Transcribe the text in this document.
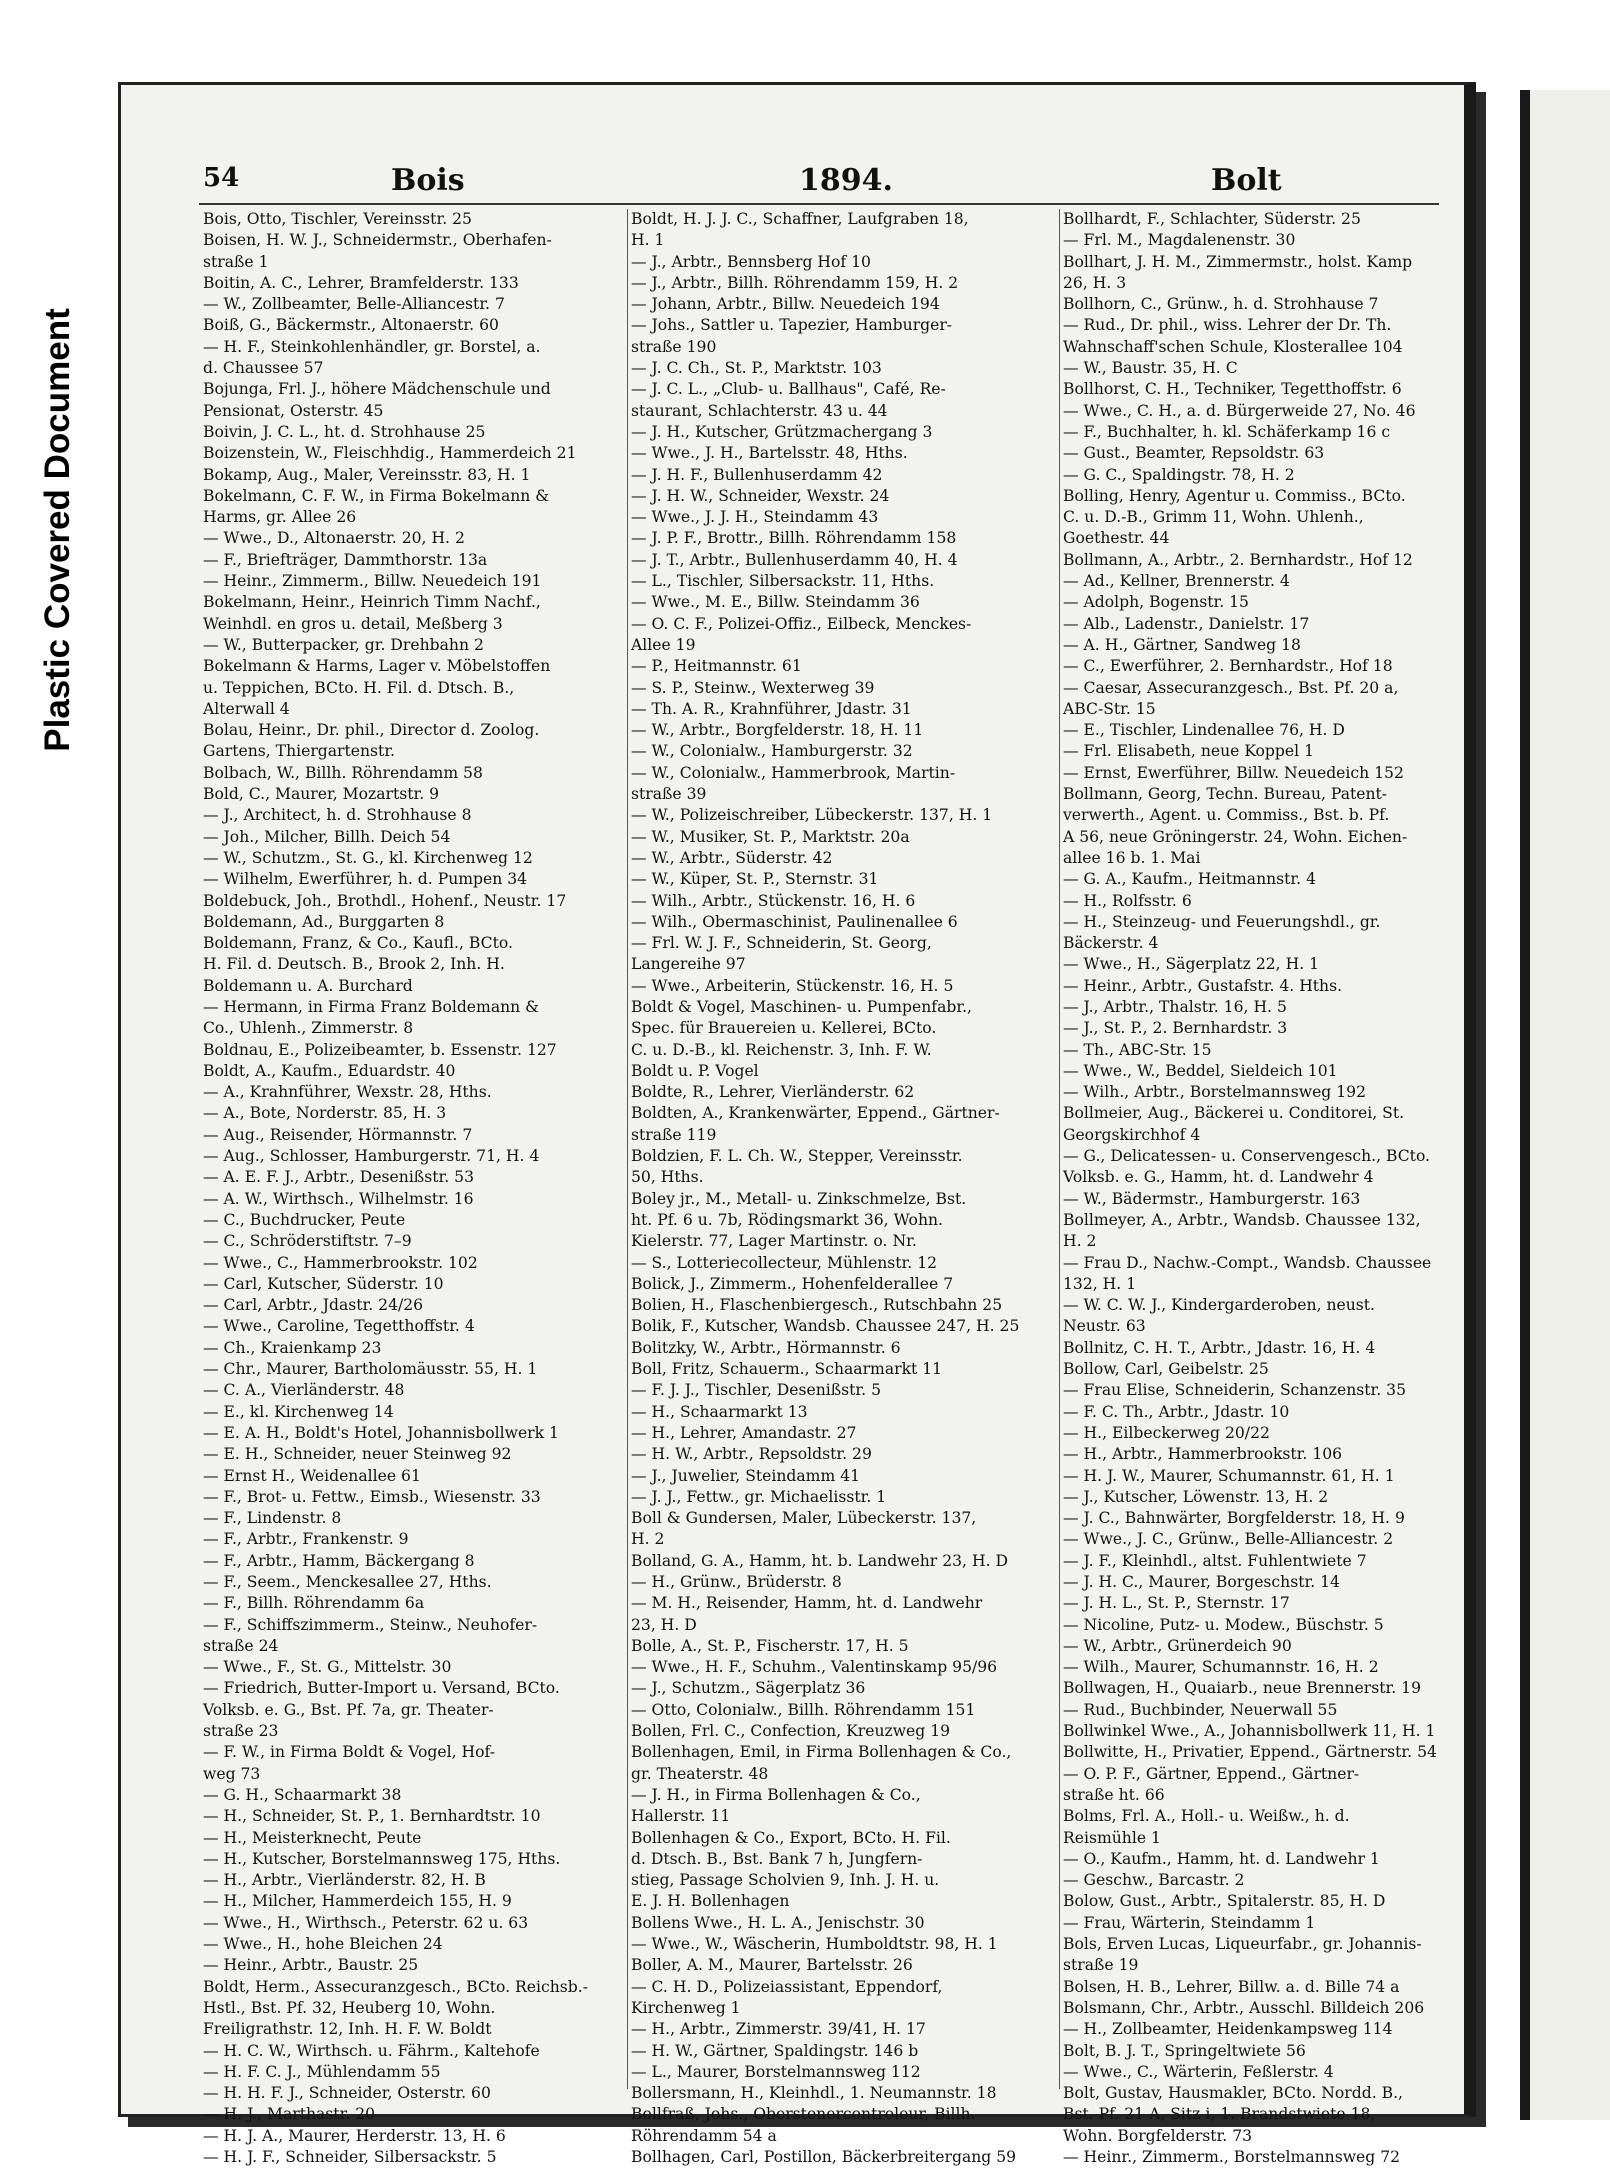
Plastic Covered Document
54	Bois	1894.	Bolt
Bois, Otto, Tischler, Vereinsstr. 25
Boisen, H. W. J., Schneidermstr., Oberhafen-
straße 1
Boitin, A. C., Lehrer, Bramfelderstr. 133
— W., Zollbeamter, Belle-Alliancestr. 7
Boiß, G., Bäckermstr., Altonaerstr. 60
— H. F., Steinkohlenhändler, gr. Borstel, a.
d. Chaussee 57
Bojunga, Frl. J., höhere Mädchenschule und
Pensionat, Osterstr. 45
Boivin, J. C. L., ht. d. Strohhause 25
Boizenstein, W., Fleischhdig., Hammerdeich 21
Bokamp, Aug., Maler, Vereinsstr. 83, H. 1
Bokelmann, C. F. W., in Firma Bokelmann &
Harms, gr. Allee 26
— Wwe., D., Altonaerstr. 20, H. 2
— F., Briefträger, Dammthorstr. 13a
— Heinr., Zimmerm., Billw. Neuedeich 191
Bokelmann, Heinr., Heinrich Timm Nachf.,
Weinhdl. en gros u. detail, Meßberg 3
— W., Butterpacker, gr. Drehbahn 2
Bokelmann & Harms, Lager v. Möbelstoffen
u. Teppichen, BCto. H. Fil. d. Dtsch. B.,
Alterwall 4
Bolau, Heinr., Dr. phil., Director d. Zoolog.
Gartens, Thiergartenstr.
Bolbach, W., Billh. Röhrendamm 58
Bold, C., Maurer, Mozartstr. 9
— J., Architect, h. d. Strohhause 8
— Joh., Milcher, Billh. Deich 54
— W., Schutzm., St. G., kl. Kirchenweg 12
— Wilhelm, Ewerführer, h. d. Pumpen 34
Boldebuck, Joh., Brothdl., Hohenf., Neustr. 17
Boldemann, Ad., Burggarten 8
Boldemann, Franz, & Co., Kaufl., BCto.
H. Fil. d. Deutsch. B., Brook 2, Inh. H.
Boldemann u. A. Burchard
— Hermann, in Firma Franz Boldemann &
Co., Uhlenh., Zimmerstr. 8
Boldnau, E., Polizeibeamter, b. Essenstr. 127
Boldt, A., Kaufm., Eduardstr. 40
— A., Krahnführer, Wexstr. 28, Hths.
— A., Bote, Norderstr. 85, H. 3
— Aug., Reisender, Hörmannstr. 7
— Aug., Schlosser, Hamburgerstr. 71, H. 4
— A. E. F. J., Arbtr., Desenißstr. 53
— A. W., Wirthsch., Wilhelmstr. 16
— C., Buchdrucker, Peute
— C., Schröderstiftstr. 7–9
— Wwe., C., Hammerbrookstr. 102
— Carl, Kutscher, Süderstr. 10
— Carl, Arbtr., Jdastr. 24/26
— Wwe., Caroline, Tegetthoffstr. 4
— Ch., Kraienkamp 23
— Chr., Maurer, Bartholomäusstr. 55, H. 1
— C. A., Vierländerstr. 48
— E., kl. Kirchenweg 14
— E. A. H., Boldt's Hotel, Johannisbollwerk 1
— E. H., Schneider, neuer Steinweg 92
— Ernst H., Weidenallee 61
— F., Brot- u. Fettw., Eimsb., Wiesenstr. 33
— F., Lindenstr. 8
— F., Arbtr., Frankenstr. 9
— F., Arbtr., Hamm, Bäckergang 8
— F., Seem., Menckesallee 27, Hths.
— F., Billh. Röhrendamm 6a
— F., Schiffszimmerm., Steinw., Neuhofer-
straße 24
— Wwe., F., St. G., Mittelstr. 30
— Friedrich, Butter-Import u. Versand, BCto.
Volksb. e. G., Bst. Pf. 7a, gr. Theater-
straße 23
— F. W., in Firma Boldt & Vogel, Hof-
weg 73
— G. H., Schaarmarkt 38
— H., Schneider, St. P., 1. Bernhardtstr. 10
— H., Meisterknecht, Peute
— H., Kutscher, Borstelmannsweg 175, Hths.
— H., Arbtr., Vierländerstr. 82, H. B
— H., Milcher, Hammerdeich 155, H. 9
— Wwe., H., Wirthsch., Peterstr. 62 u. 63
— Wwe., H., hohe Bleichen 24
— Heinr., Arbtr., Baustr. 25
Boldt, Herm., Assecuranzgesch., BCto. Reichsb.-
Hstl., Bst. Pf. 32, Heuberg 10, Wohn.
Freiligrathstr. 12, Inh. H. F. W. Boldt
— H. C. W., Wirthsch. u. Fährm., Kaltehofe
— H. F. C. J., Mühlendamm 55
— H. H. F. J., Schneider, Osterstr. 60
— H. J., Marthastr. 20
— H. J. A., Maurer, Herderstr. 13, H. 6
— H. J. F., Schneider, Silbersackstr. 5
Boldt, H. J. J. C., Schaffner, Laufgraben 18,
H. 1
— J., Arbtr., Bennsberg Hof 10
— J., Arbtr., Billh. Röhrendamm 159, H. 2
— Johann, Arbtr., Billw. Neuedeich 194
— Johs., Sattler u. Tapezier, Hamburger-
straße 190
— J. C. Ch., St. P., Marktstr. 103
— J. C. L., „Club- u. Ballhaus", Café, Re-
staurant, Schlachterstr. 43 u. 44
— J. H., Kutscher, Grützmachergang 3
— Wwe., J. H., Bartelsstr. 48, Hths.
— J. H. F., Bullenhuserdamm 42
— J. H. W., Schneider, Wexstr. 24
— Wwe., J. J. H., Steindamm 43
— J. P. F., Brottr., Billh. Röhrendamm 158
— J. T., Arbtr., Bullenhuserdamm 40, H. 4
— L., Tischler, Silbersackstr. 11, Hths.
— Wwe., M. E., Billw. Steindamm 36
— O. C. F., Polizei-Offiz., Eilbeck, Menckes-
Allee 19
— P., Heitmannstr. 61
— S. P., Steinw., Wexterweg 39
— Th. A. R., Krahnführer, Jdastr. 31
— W., Arbtr., Borgfelderstr. 18, H. 11
— W., Colonialw., Hamburgerstr. 32
— W., Colonialw., Hammerbrook, Martin-
straße 39
— W., Polizeischreiber, Lübeckerstr. 137, H. 1
— W., Musiker, St. P., Marktstr. 20a
— W., Arbtr., Süderstr. 42
— W., Küper, St. P., Sternstr. 31
— Wilh., Arbtr., Stückenstr. 16, H. 6
— Wilh., Obermaschinist, Paulinenallee 6
— Frl. W. J. F., Schneiderin, St. Georg,
Langereihe 97
— Wwe., Arbeiterin, Stückenstr. 16, H. 5
Boldt & Vogel, Maschinen- u. Pumpenfabr.,
Spec. für Brauereien u. Kellerei, BCto.
C. u. D.-B., kl. Reichenstr. 3, Inh. F. W.
Boldt u. P. Vogel
Boldte, R., Lehrer, Vierländerstr. 62
Boldten, A., Krankenwärter, Eppend., Gärtner-
straße 119
Boldzien, F. L. Ch. W., Stepper, Vereinsstr.
50, Hths.
Boley jr., M., Metall- u. Zinkschmelze, Bst.
ht. Pf. 6 u. 7b, Rödingsmarkt 36, Wohn.
Kielerstr. 77, Lager Martinstr. o. Nr.
— S., Lotteriecollecteur, Mühlenstr. 12
Bolick, J., Zimmerm., Hohenfelderallee 7
Bolien, H., Flaschenbiergesch., Rutschbahn 25
Bolik, F., Kutscher, Wandsb. Chaussee 247, H. 25
Bolitzky, W., Arbtr., Hörmannstr. 6
Boll, Fritz, Schauerm., Schaarmarkt 11
— F. J. J., Tischler, Desenißstr. 5
— H., Schaarmarkt 13
— H., Lehrer, Amandastr. 27
— H. W., Arbtr., Repsoldstr. 29
— J., Juwelier, Steindamm 41
— J. J., Fettw., gr. Michaelisstr. 1
Boll & Gundersen, Maler, Lübeckerstr. 137,
H. 2
Bolland, G. A., Hamm, ht. b. Landwehr 23, H. D
— H., Grünw., Brüderstr. 8
— M. H., Reisender, Hamm, ht. d. Landwehr
23, H. D
Bolle, A., St. P., Fischerstr. 17, H. 5
— Wwe., H. F., Schuhm., Valentinskamp 95/96
— J., Schutzm., Sägerplatz 36
— Otto, Colonialw., Billh. Röhrendamm 151
Bollen, Frl. C., Confection, Kreuzweg 19
Bollenhagen, Emil, in Firma Bollenhagen & Co.,
gr. Theaterstr. 48
— J. H., in Firma Bollenhagen & Co.,
Hallerstr. 11
Bollenhagen & Co., Export, BCto. H. Fil.
d. Dtsch. B., Bst. Bank 7 h, Jungfern-
stieg, Passage Scholvien 9, Inh. J. H. u.
E. J. H. Bollenhagen
Bollens Wwe., H. L. A., Jenischstr. 30
— Wwe., W., Wäscherin, Humboldtstr. 98, H. 1
Boller, A. M., Maurer, Bartelsstr. 26
— C. H. D., Polizeiassistant, Eppendorf,
Kirchenweg 1
— H., Arbtr., Zimmerstr. 39/41, H. 17
— H. W., Gärtner, Spaldingstr. 146 b
— L., Maurer, Borstelmannsweg 112
Bollersmann, H., Kleinhdl., 1. Neumannstr. 18
Bollfraß, Johs., Oberstenercontroleur, Billh.
Röhrendamm 54 a
Bollhagen, Carl, Postillon, Bäckerbreitergang 59
Bollhardt, F., Schlachter, Süderstr. 25
— Frl. M., Magdalenenstr. 30
Bollhart, J. H. M., Zimmermstr., holst. Kamp
26, H. 3
Bollhorn, C., Grünw., h. d. Strohhause 7
— Rud., Dr. phil., wiss. Lehrer der Dr. Th.
Wahnschaff'schen Schule, Klosterallee 104
— W., Baustr. 35, H. C
Bollhorst, C. H., Techniker, Tegetthoffstr. 6
— Wwe., C. H., a. d. Bürgerweide 27, No. 46
— F., Buchhalter, h. kl. Schäferkamp 16 c
— Gust., Beamter, Repsoldstr. 63
— G. C., Spaldingstr. 78, H. 2
Bolling, Henry, Agentur u. Commiss., BCto.
C. u. D.-B., Grimm 11, Wohn. Uhlenh.,
Goethestr. 44
Bollmann, A., Arbtr., 2. Bernhardstr., Hof 12
— Ad., Kellner, Brennerstr. 4
— Adolph, Bogenstr. 15
— Alb., Ladenstr., Danielstr. 17
— A. H., Gärtner, Sandweg 18
— C., Ewerführer, 2. Bernhardstr., Hof 18
— Caesar, Assecuranzgesch., Bst. Pf. 20 a,
ABC-Str. 15
— E., Tischler, Lindenallee 76, H. D
— Frl. Elisabeth, neue Koppel 1
— Ernst, Ewerführer, Billw. Neuedeich 152
Bollmann, Georg, Techn. Bureau, Patent-
verwerth., Agent. u. Commiss., Bst. b. Pf.
A 56, neue Gröningerstr. 24, Wohn. Eichen-
allee 16 b. 1. Mai
— G. A., Kaufm., Heitmannstr. 4
— H., Rolfsstr. 6
— H., Steinzeug- und Feuerungshdl., gr.
Bäckerstr. 4
— Wwe., H., Sägerplatz 22, H. 1
— Heinr., Arbtr., Gustafstr. 4. Hths.
— J., Arbtr., Thalstr. 16, H. 5
— J., St. P., 2. Bernhardstr. 3
— Th., ABC-Str. 15
— Wwe., W., Beddel, Sieldeich 101
— Wilh., Arbtr., Borstelmannsweg 192
Bollmeier, Aug., Bäckerei u. Conditorei, St.
Georgskirchhof 4
— G., Delicatessen- u. Conservengesch., BCto.
Volksb. e. G., Hamm, ht. d. Landwehr 4
— W., Bädermstr., Hamburgerstr. 163
Bollmeyer, A., Arbtr., Wandsb. Chaussee 132,
H. 2
— Frau D., Nachw.-Compt., Wandsb. Chaussee
132, H. 1
— W. C. W. J., Kindergarderoben, neust.
Neustr. 63
Bollnitz, C. H. T., Arbtr., Jdastr. 16, H. 4
Bollow, Carl, Geibelstr. 25
— Frau Elise, Schneiderin, Schanzenstr. 35
— F. C. Th., Arbtr., Jdastr. 10
— H., Eilbeckerweg 20/22
— H., Arbtr., Hammerbrookstr. 106
— H. J. W., Maurer, Schumannstr. 61, H. 1
— J., Kutscher, Löwenstr. 13, H. 2
— J. C., Bahnwärter, Borgfelderstr. 18, H. 9
— Wwe., J. C., Grünw., Belle-Alliancestr. 2
— J. F., Kleinhdl., altst. Fuhlentwiete 7
— J. H. C., Maurer, Borgeschstr. 14
— J. H. L., St. P., Sternstr. 17
— Nicoline, Putz- u. Modew., Büschstr. 5
— W., Arbtr., Grünerdeich 90
— Wilh., Maurer, Schumannstr. 16, H. 2
Bollwagen, H., Quaiarb., neue Brennerstr. 19
— Rud., Buchbinder, Neuerwall 55
Bollwinkel Wwe., A., Johannisbollwerk 11, H. 1
Bollwitte, H., Privatier, Eppend., Gärtnerstr. 54
— O. P. F., Gärtner, Eppend., Gärtner-
straße ht. 66
Bolms, Frl. A., Holl.- u. Weißw., h. d.
Reismühle 1
— O., Kaufm., Hamm, ht. d. Landwehr 1
— Geschw., Barcastr. 2
Bolow, Gust., Arbtr., Spitalerstr. 85, H. D
— Frau, Wärterin, Steindamm 1
Bols, Erven Lucas, Liqueurfabr., gr. Johannis-
straße 19
Bolsen, H. B., Lehrer, Billw. a. d. Bille 74 a
Bolsmann, Chr., Arbtr., Ausschl. Billdeich 206
— H., Zollbeamter, Heidenkampsweg 114
Bolt, B. J. T., Springeltwiete 56
— Wwe., C., Wärterin, Feßlerstr. 4
Bolt, Gustav, Hausmakler, BCto. Nordd. B.,
Bst. Pf. 21 A, Sitz i, 1. Brandstwiete 18,
Wohn. Borgfelderstr. 73
— Heinr., Zimmerm., Borstelmannsweg 72
